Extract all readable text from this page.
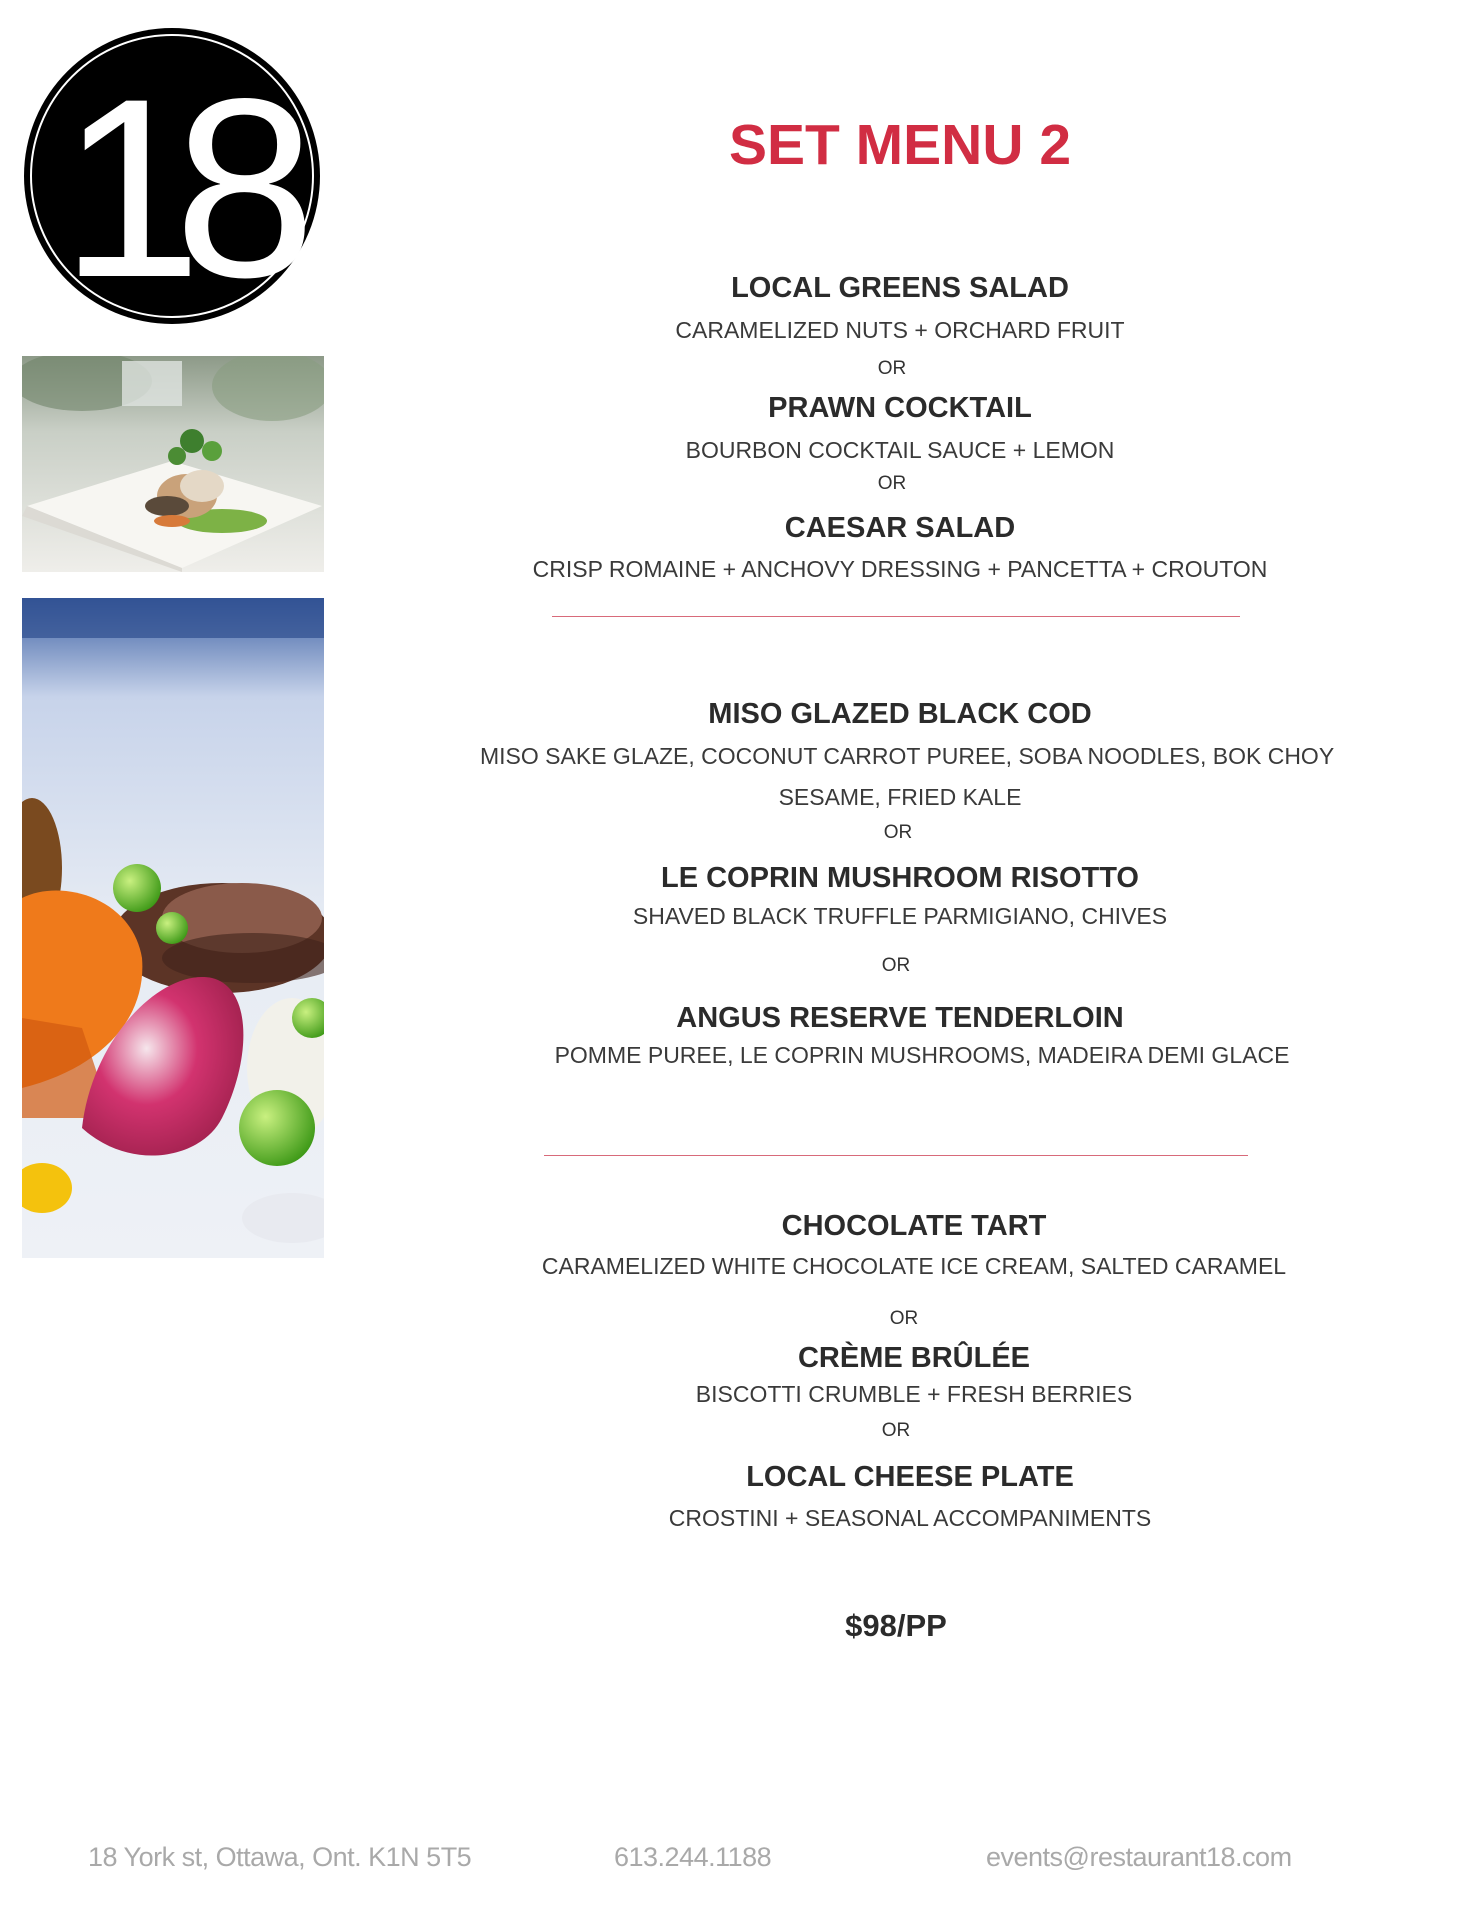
18	SET MENU 2
LOCAL GREENS SALAD
CARAMELIZED NUTS + ORCHARD FRUIT
OR
PRAWN COCKTAIL
BOURBON COCKTAIL SAUCE + LEMON
OR
CAESAR SALAD
CRISP ROMAINE + ANCHOVY DRESSING + PANCETTA + CROUTON
MISO GLAZED BLACK COD
MISO SAKE GLAZE, COCONUT CARROT PUREE, SOBA NOODLES, BOK CHOY
SESAME, FRIED KALE
OR
LE COPRIN MUSHROOM RISOTTO
SHAVED BLACK TRUFFLE PARMIGIANO, CHIVES
OR
ANGUS RESERVE TENDERLOIN
POMME PUREE, LE COPRIN MUSHROOMS, MADEIRA DEMI GLACE
CHOCOLATE TART
CARAMELIZED WHITE CHOCOLATE ICE CREAM, SALTED CARAMEL
OR
CRÈME BRÛLÉE
BISCOTTI CRUMBLE + FRESH BERRIES
OR
LOCAL CHEESE PLATE
CROSTINI + SEASONAL ACCOMPANIMENTS
$98/PP
18 York st, Ottawa, Ont. K1N 5T5	613.244.1188	events@restaurant18.com
